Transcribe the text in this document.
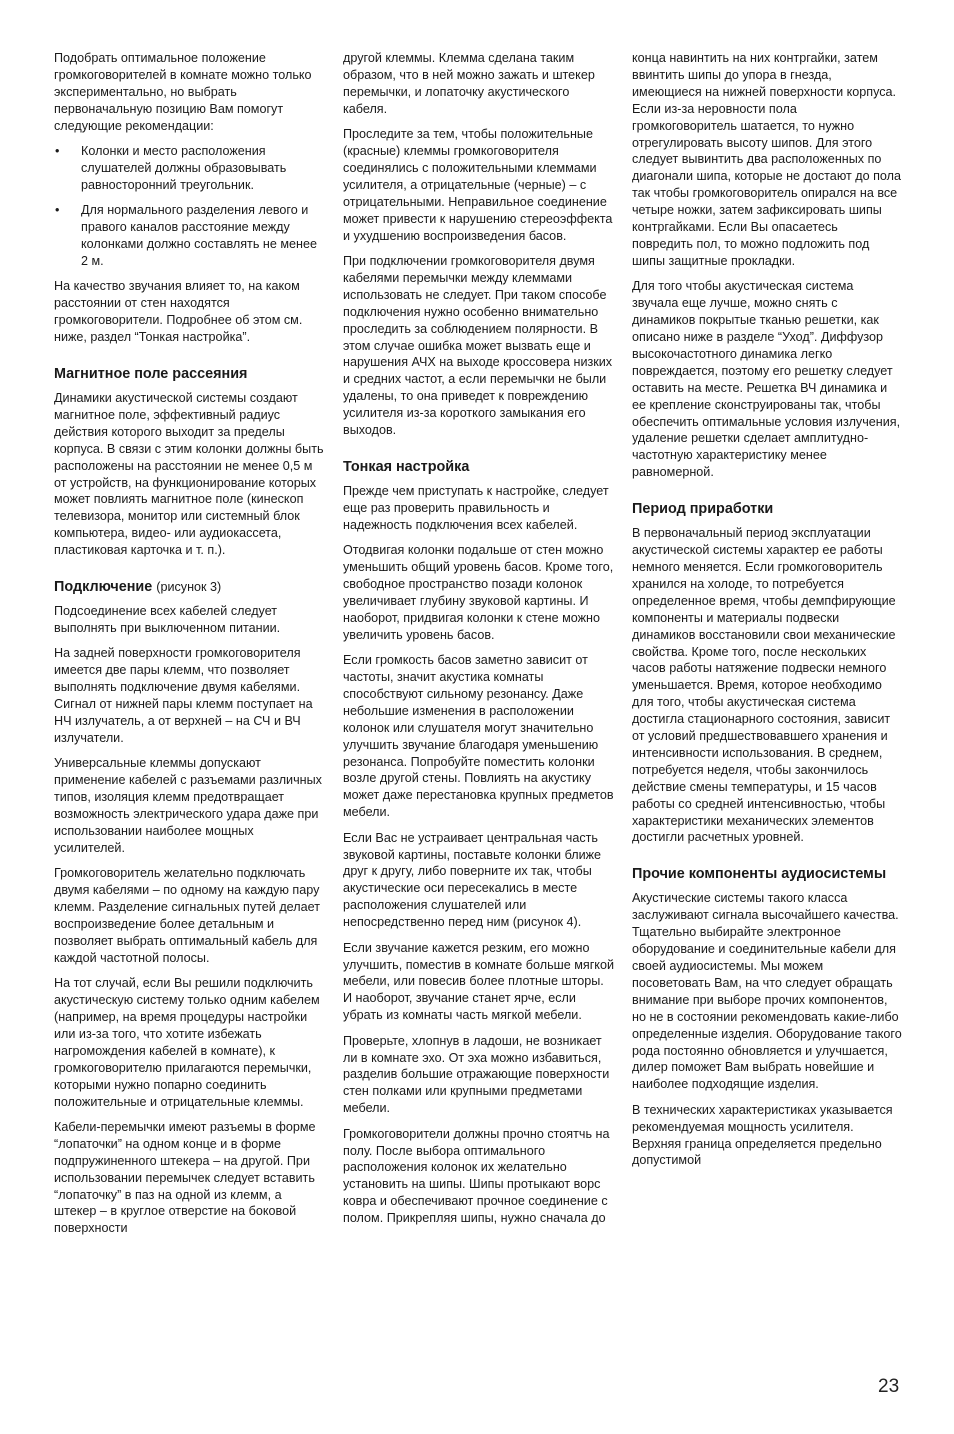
Подобрать оптимальное положение громкоговорителей в комнате можно только экспериментально, но выбрать первоначальную позицию Вам помогут следующие рекомендации:

• Колонки и место расположения слушателей должны образовывать равносторонний треугольник.
• Для нормального разделения левого и правого каналов расстояние между колонками должно составлять не менее 2 м.

На качество звучания влияет то, на каком расстоянии от стен находятся громкоговорители. Подробнее об этом см. ниже, раздел “Тонкая настройка”.

Магнитное поле рассеяния

Динамики акустической системы создают магнитное поле, эффективный радиус действия которого выходит за пределы корпуса. В связи с этим колонки должны быть расположены на расстоянии не менее 0,5 м от устройств, на функционирование которых может повлиять магнитное поле (кинескоп телевизора, монитор или системный блок компьютера, видео- или аудиокассета, пластиковая карточка и т. п.).

Подключение (рисунок 3)

Подсоединение всех кабелей следует выполнять при выключенном питании.

На задней поверхности громкоговорителя имеется две пары клемм, что позволяет выполнять подключение двумя кабелями. Сигнал от нижней пары клемм поступает на НЧ излучатель, а от верхней – на СЧ и ВЧ излучатели.

Универсальные клеммы допускают применение кабелей с разъемами различных типов, изоляция клемм предотвращает возможность электрического удара даже при использовании наиболее мощных усилителей.

Громкоговоритель желательно подключать двумя кабелями – по одному на каждую пару клемм. Разделение сигнальных путей делает воспроизведение более детальным и позволяет выбрать оптимальный кабель для каждой частотной полосы.

На тот случай, если Вы решили подключить акустическую систему только одним кабелем (например, на время процедуры настройки или из-за того, что хотите избежать нагромождения кабелей в комнате), к громкоговорителю прилагаются перемычки, которыми нужно попарно соединить положительные и отрицательные клеммы.

Кабели-перемычки имеют разъемы в форме “лопаточки” на одном конце и в форме подпружиненного штекера – на другой. При использовании перемычек следует вставить “лопаточку” в паз на одной из клемм, а штекер – в круглое отверстие на боковой поверхности

другой клеммы. Клемма сделана таким образом, что в ней можно зажать и штекер перемычки, и лопаточку акустического кабеля.

Проследите за тем, чтобы положительные (красные) клеммы громкоговорителя соединялись с положительными клеммами усилителя, а отрицательные (черные) – с отрицательными. Неправильное соединение может привести к нарушению стереоэффекта и ухудшению воспроизведения басов.

При подключении громкоговорителя двумя кабелями перемычки между клеммами использовать не следует. При таком способе подключения нужно особенно внимательно проследить за соблюдением полярности. В этом случае ошибка может вызвать еще и нарушения АЧХ на выходе кроссовера низких и средних частот, а если перемычки не были удалены, то она приведет к повреждению усилителя из-за короткого замыкания его выходов.

Тонкая настройка

Прежде чем приступать к настройке, следует еще раз проверить правильность и надежность подключения всех кабелей.

Отодвигая колонки подальше от стен можно уменьшить общий уровень басов. Кроме того, свободное пространство позади колонок увеличивает глубину звуковой картины. И наоборот, придвигая колонки к стене можно увеличить уровень басов.

Если громкость басов заметно зависит от частоты, значит акустика комнаты способствуют сильному резонансу. Даже небольшие изменения в расположении колонок или слушателя могут значительно улучшить звучание благодаря уменьшению резонанса. Попробуйте поместить колонки возле другой стены. Повлиять на акустику может даже перестановка крупных предметов мебели.

Если Вас не устраивает центральная часть звуковой картины, поставьте колонки ближе друг к другу, либо поверните их так, чтобы акустические оси пересекались в месте расположения слушателей или непосредственно перед ним (рисунок 4).

Если звучание кажется резким, его можно улучшить, поместив в комнате больше мягкой мебели, или повесив более плотные шторы. И наоборот, звучание станет ярче, если убрать из комнаты часть мягкой мебели.

Проверьте, хлопнув в ладоши, не возникает ли в комнате эхо. От эха можно избавиться, разделив большие отражающие поверхности стен полками или крупными предметами мебели.

Громкоговорители должны прочно стоятчь на полу. После выбора оптимального расположения колонок их желательно установить на шипы. Шипы протыкают ворс ковра и обеспечивают прочное соединение с полом. Прикрепляя шипы, нужно сначала до

конца навинтить на них контргайки, затем ввинтить шипы до упора в гнезда, имеющиеся на нижней поверхности корпуса. Если из-за неровности пола громкоговоритель шатается, то нужно отрегулировать высоту шипов. Для этого следует вывинтить два расположенных по диагонали шипа, которые не достают до пола так чтобы громкоговоритель опирался на все четыре ножки, затем зафиксировать шипы контргайками. Если Вы опасаетесь повредить пол, то можно подложить под шипы защитные прокладки.

Для того чтобы акустическая система звучала еще лучше, можно снять с динамиков покрытые тканью решетки, как описано ниже в разделе “Уход”. Диффузор высокочастотного динамика легко повреждается, поэтому его решетку следует оставить на месте. Решетка ВЧ динамика и ее крепление сконструированы так, чтобы обеспечить оптимальные условия излучения, удаление решетки сделает амплитудно-частотную характеристику менее равномерной.

Период приработки

В первоначальный период эксплуатации акустической системы характер ее работы немного меняется. Если громкоговоритель хранился на холоде, то потребуется определенное время, чтобы демпфирующие компоненты и материалы подвески динамиков восстановили свои механические свойства. Кроме того, после нескольких часов работы натяжение подвески немного уменьшается. Время, которое необходимо для того, чтобы акустическая система достигла стационарного состояния, зависит от условий предшествовавшего хранения и интенсивности использования. В среднем, потребуется неделя, чтобы закончилось действие смены температуры, и 15 часов работы со средней интенсивностью, чтобы характеристики механических элементов достигли расчетных уровней.

Прочие компоненты аудиосистемы

Акустические системы такого класса заслуживают сигнала высочайшего качества. Тщательно выбирайте электронное оборудование и соединительные кабели для своей аудиосистемы. Мы можем посоветовать Вам, на что следует обращать внимание при выборе прочих компонентов, но не в состоянии рекомендовать какие-либо определенные изделия. Оборудование такого рода постоянно обновляется и улучшается, дилер поможет Вам выбрать новейшие и наиболее подходящие изделия.

В технических характеристиках указывается рекомендуемая мощность усилителя. Верхняя граница определяется предельно допустимой

23
